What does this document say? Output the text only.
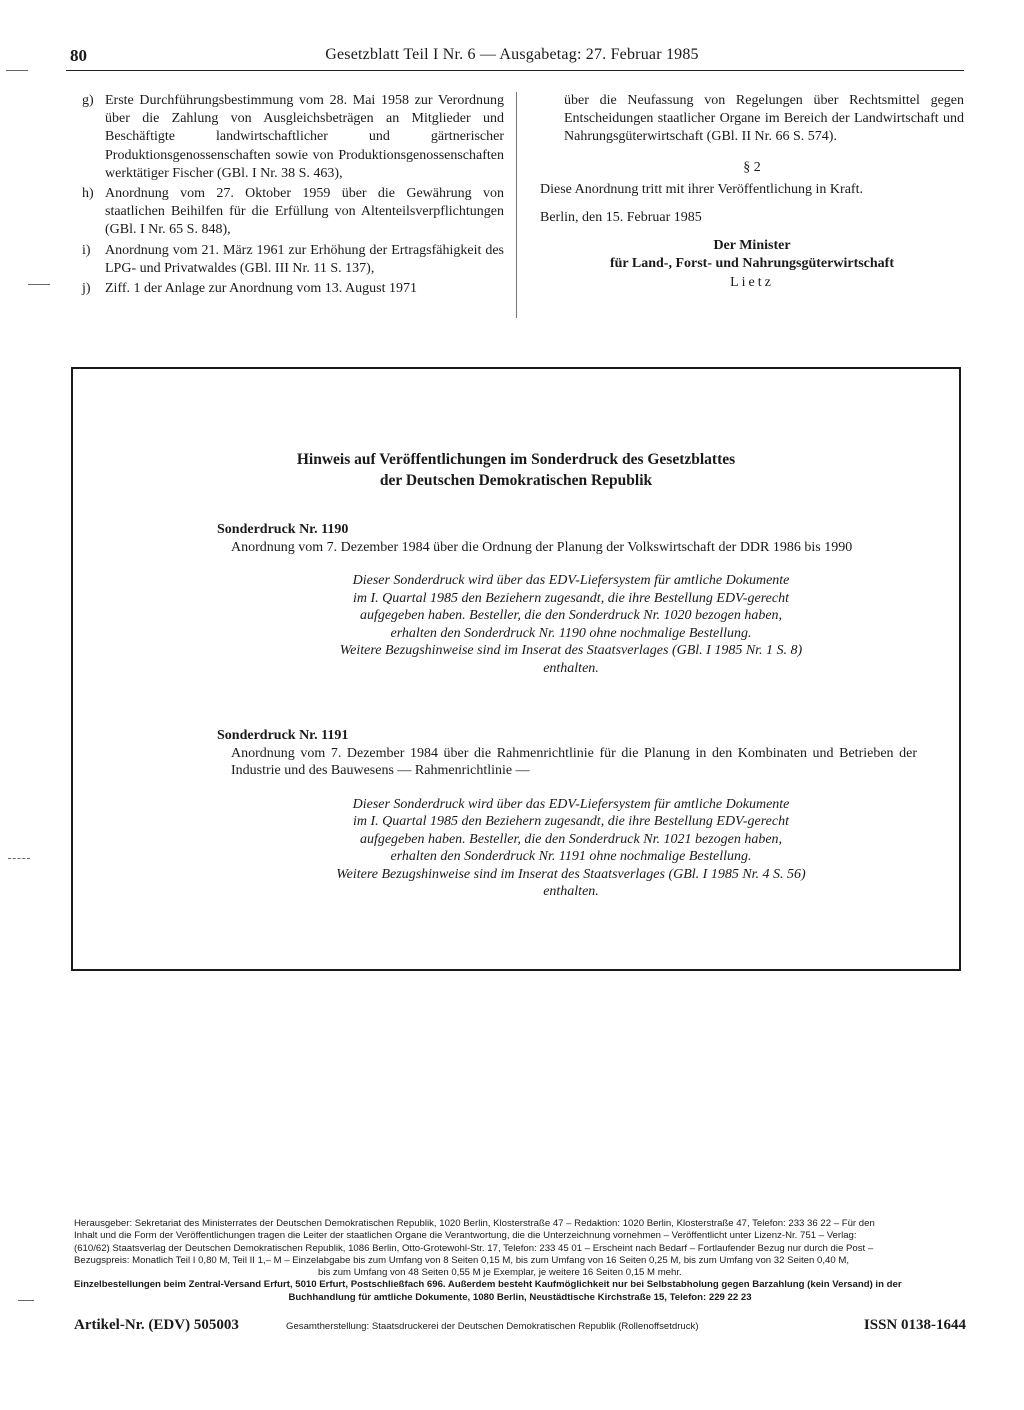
80	Gesetzblatt Teil I Nr. 6 — Ausgabetag: 27. Februar 1985
g) Erste Durchführungsbestimmung vom 28. Mai 1958 zur Verordnung über die Zahlung von Ausgleichsbeträgen an Mitglieder und Beschäftigte landwirtschaftlicher und gärtnerischer Produktionsgenossenschaften sowie von Produktionsgenossenschaften werktätiger Fischer (GBl. I Nr. 38 S. 463),
h) Anordnung vom 27. Oktober 1959 über die Gewährung von staatlichen Beihilfen für die Erfüllung von Altenteilsverpflichtungen (GBl. I Nr. 65 S. 848),
i) Anordnung vom 21. März 1961 zur Erhöhung der Ertragsfähigkeit des LPG- und Privatwaldes (GBl. III Nr. 11 S. 137),
j) Ziff. 1 der Anlage zur Anordnung vom 13. August 1971
über die Neufassung von Regelungen über Rechtsmittel gegen Entscheidungen staatlicher Organe im Bereich der Landwirtschaft und Nahrungsgüterwirtschaft (GBl. II Nr. 66 S. 574).
§ 2
Diese Anordnung tritt mit ihrer Veröffentlichung in Kraft.
Berlin, den 15. Februar 1985
Der Minister
für Land-, Forst- und Nahrungsgüterwirtschaft
Lietz
Hinweis auf Veröffentlichungen im Sonderdruck des Gesetzblattes
der Deutschen Demokratischen Republik
Sonderdruck Nr. 1190
Anordnung vom 7. Dezember 1984 über die Ordnung der Planung der Volkswirtschaft der DDR 1986 bis 1990
Dieser Sonderdruck wird über das EDV-Liefersystem für amtliche Dokumente
im I. Quartal 1985 den Beziehern zugesandt, die ihre Bestellung EDV-gerecht
aufgegeben haben. Besteller, die den Sonderdruck Nr. 1020 bezogen haben,
erhalten den Sonderdruck Nr. 1190 ohne nochmalige Bestellung.
Weitere Bezugshinweise sind im Inserat des Staatsverlages (GBl. I 1985 Nr. 1 S. 8)
enthalten.
Sonderdruck Nr. 1191
Anordnung vom 7. Dezember 1984 über die Rahmenrichtlinie für die Planung in den Kombinaten und Betrieben der Industrie und des Bauwesens — Rahmenrichtlinie —
Dieser Sonderdruck wird über das EDV-Liefersystem für amtliche Dokumente
im I. Quartal 1985 den Beziehern zugesandt, die ihre Bestellung EDV-gerecht
aufgegeben haben. Besteller, die den Sonderdruck Nr. 1021 bezogen haben,
erhalten den Sonderdruck Nr. 1191 ohne nochmalige Bestellung.
Weitere Bezugshinweise sind im Inserat des Staatsverlages (GBl. I 1985 Nr. 4 S. 56)
enthalten.
Herausgeber: Sekretariat des Ministerrates der Deutschen Demokratischen Republik, 1020 Berlin, Klosterstraße 47 – Redaktion: 1020 Berlin, Klosterstraße 47, Telefon: 233 36 22 – Für den
Inhalt und die Form der Veröffentlichungen tragen die Leiter der staatlichen Organe die Verantwortung, die die Unterzeichnung vornehmen – Veröffentlicht unter Lizenz-Nr. 751 – Verlag:
(610/62) Staatsverlag der Deutschen Demokratischen Republik, 1086 Berlin, Otto-Grotewohl-Str. 17, Telefon: 233 45 01 – Erscheint nach Bedarf – Fortlaufender Bezug nur durch die Post –
Bezugspreis: Monatlich Teil I 0,80 M, Teil II 1,– M – Einzelabgabe bis zum Umfang von 8 Seiten 0,15 M, bis zum Umfang von 16 Seiten 0,25 M, bis zum Umfang von 32 Seiten 0,40 M,
bis zum Umfang von 48 Seiten 0,55 M je Exemplar, je weitere 16 Seiten 0,15 M mehr.
Einzelbestellungen beim Zentral-Versand Erfurt, 5010 Erfurt, Postschließfach 696. Außerdem besteht Kaufmöglichkeit nur bei Selbstabholung gegen Barzahlung (kein Versand) in der
Buchhandlung für amtliche Dokumente, 1080 Berlin, Neustädtische Kirchstraße 15, Telefon: 229 22 23
Artikel-Nr. (EDV) 505003	Gesamtherstellung: Staatsdruckerei der Deutschen Demokratischen Republik (Rollenoffsetdruck)	ISSN 0138-1644
